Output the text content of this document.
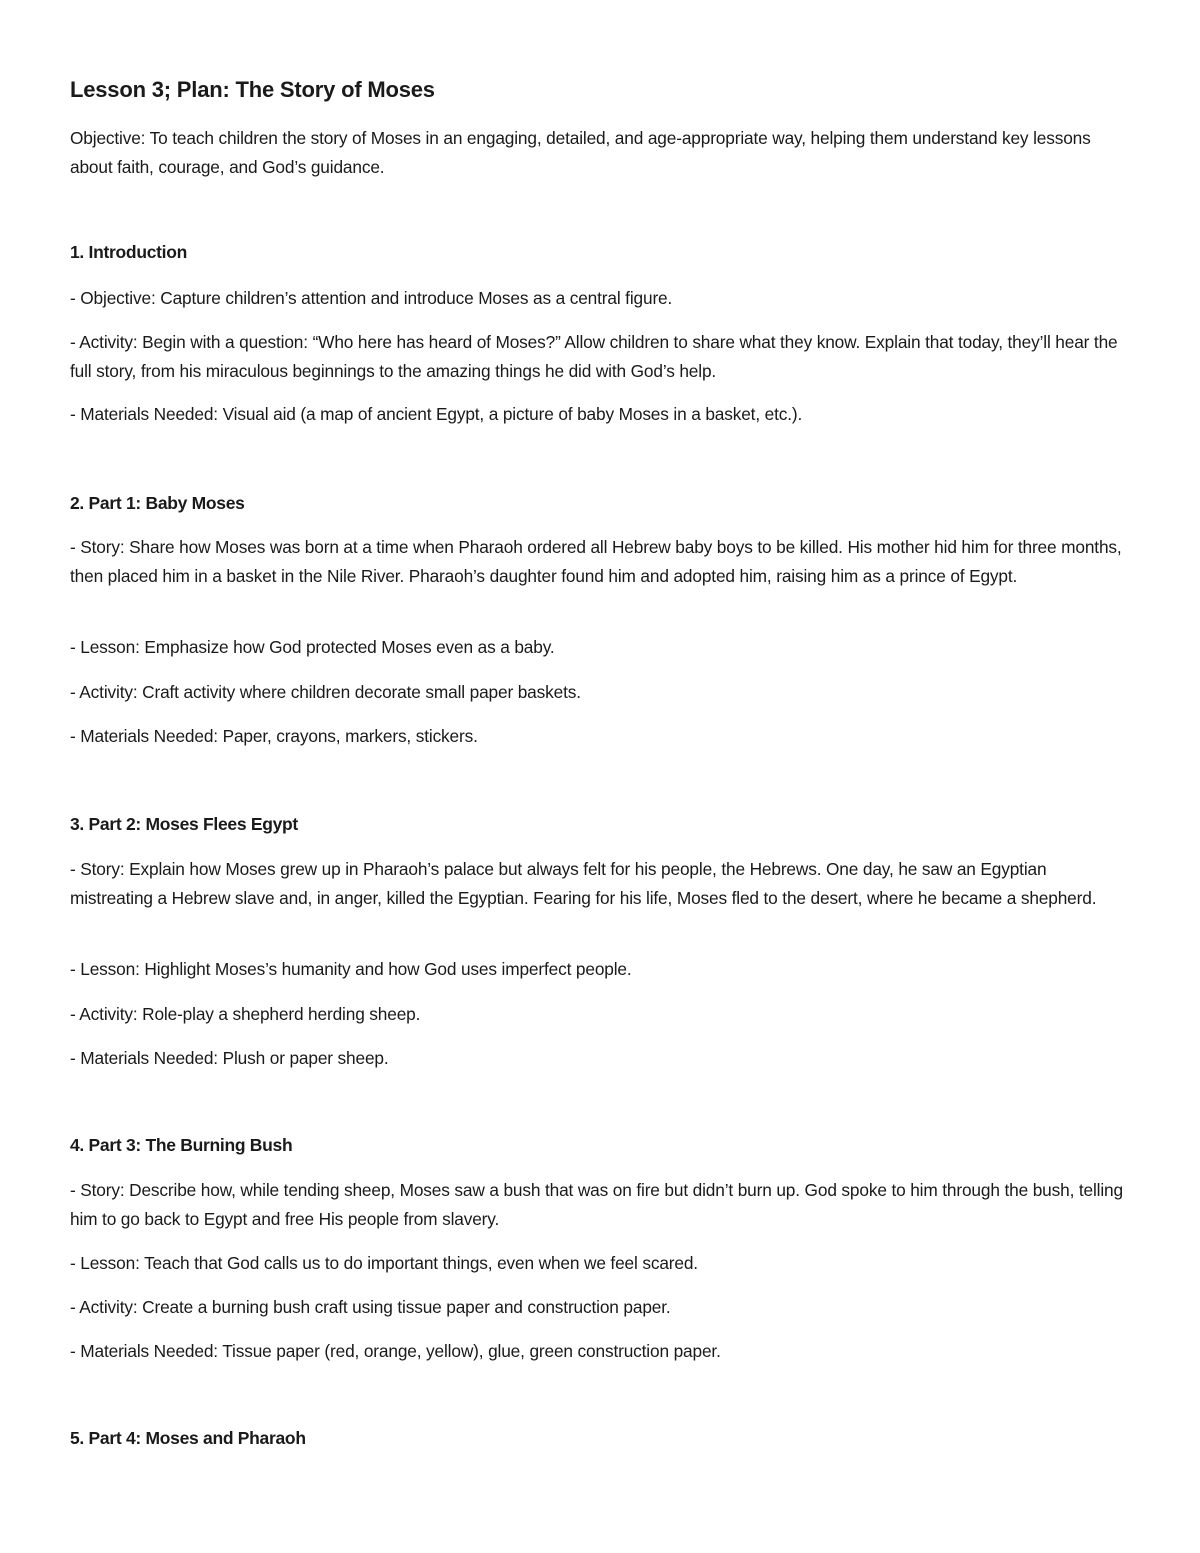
Lesson 3; Plan: The Story of Moses

Objective: To teach children the story of Moses in an engaging, detailed, and age-appropriate way, helping them understand key lessons about faith, courage, and God’s guidance.

1. Introduction

- Objective: Capture children’s attention and introduce Moses as a central figure.

- Activity: Begin with a question: “Who here has heard of Moses?” Allow children to share what they know. Explain that today, they’ll hear the full story, from his miraculous beginnings to the amazing things he did with God’s help.

- Materials Needed: Visual aid (a map of ancient Egypt, a picture of baby Moses in a basket, etc.).

2. Part 1: Baby Moses

- Story: Share how Moses was born at a time when Pharaoh ordered all Hebrew baby boys to be killed. His mother hid him for three months, then placed him in a basket in the Nile River. Pharaoh’s daughter found him and adopted him, raising him as a prince of Egypt.

- Lesson: Emphasize how God protected Moses even as a baby.

- Activity: Craft activity where children decorate small paper baskets.

- Materials Needed: Paper, crayons, markers, stickers.

3. Part 2: Moses Flees Egypt

- Story: Explain how Moses grew up in Pharaoh’s palace but always felt for his people, the Hebrews. One day, he saw an Egyptian mistreating a Hebrew slave and, in anger, killed the Egyptian. Fearing for his life, Moses fled to the desert, where he became a shepherd.

- Lesson: Highlight Moses’s humanity and how God uses imperfect people.

- Activity: Role-play a shepherd herding sheep.

- Materials Needed: Plush or paper sheep.

4. Part 3: The Burning Bush

- Story: Describe how, while tending sheep, Moses saw a bush that was on fire but didn’t burn up. God spoke to him through the bush, telling him to go back to Egypt and free His people from slavery.

- Lesson: Teach that God calls us to do important things, even when we feel scared.

- Activity: Create a burning bush craft using tissue paper and construction paper.

- Materials Needed: Tissue paper (red, orange, yellow), glue, green construction paper.

5. Part 4: Moses and Pharaoh
